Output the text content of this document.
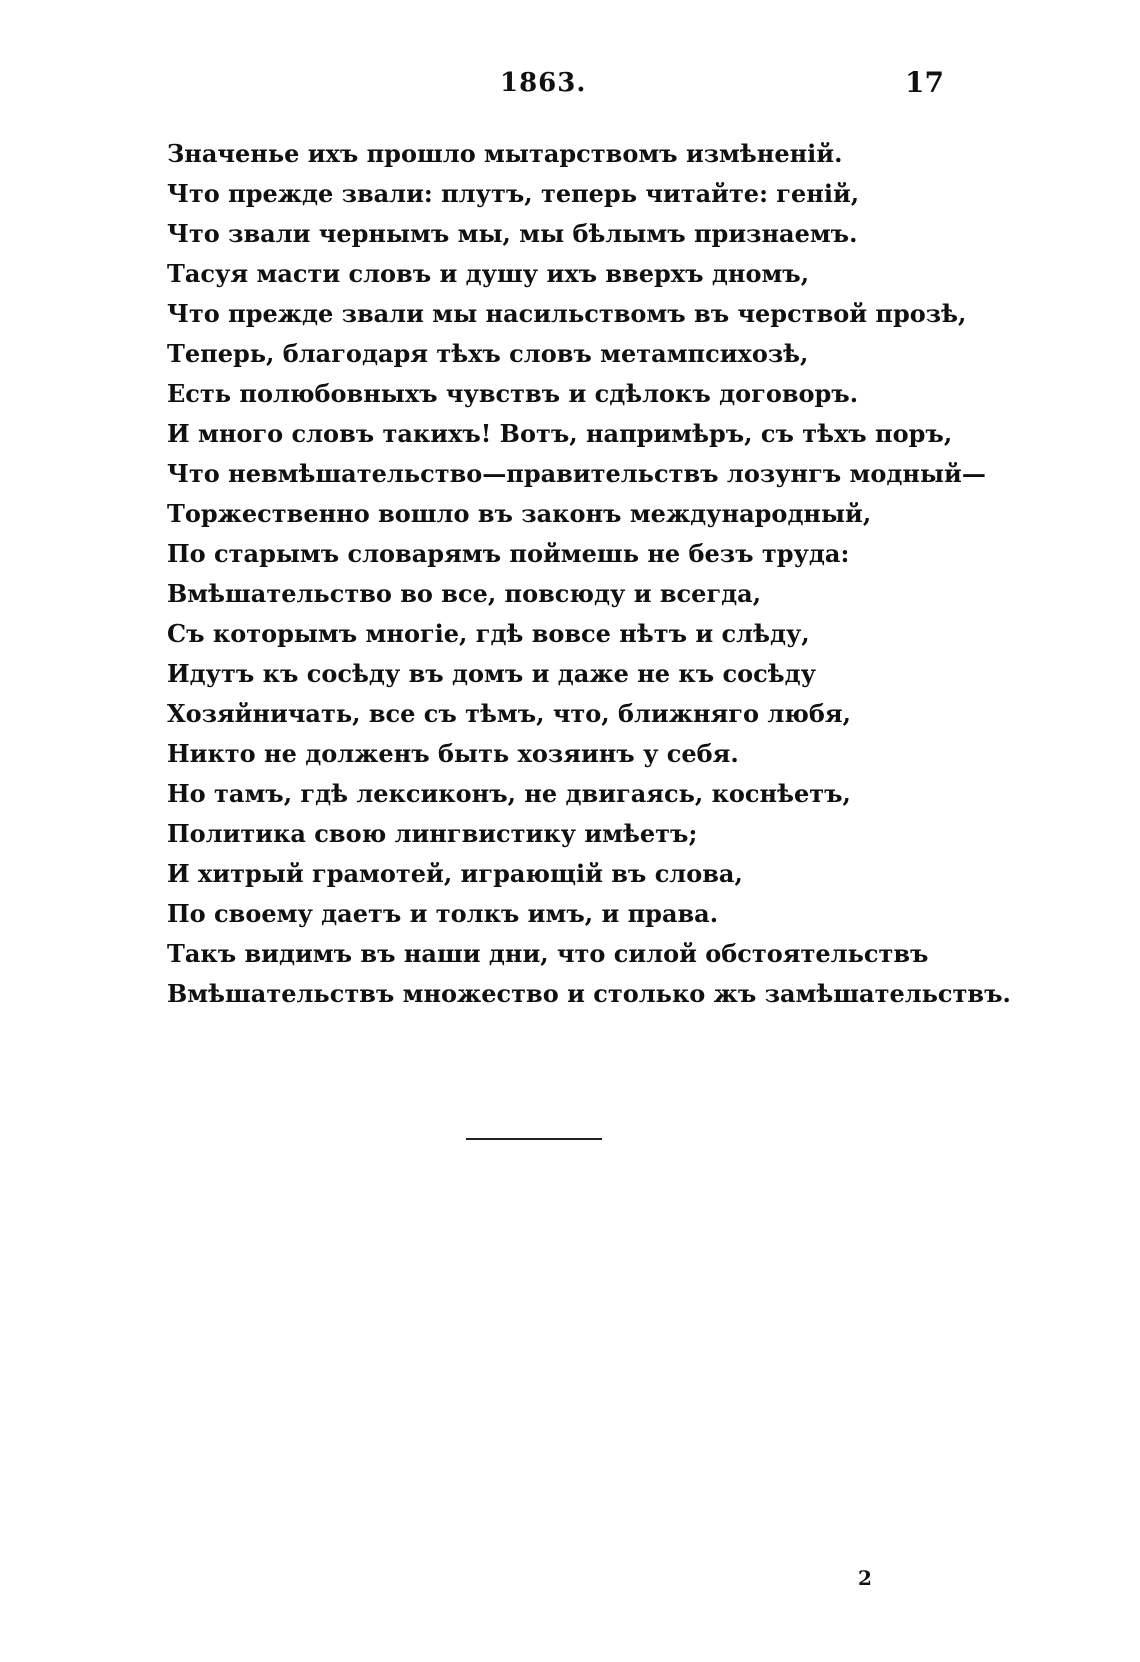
1863.	17
Значенье ихъ прошло мытарствомъ измѣненій.
Что прежде звали: плутъ, теперь читайте: геній,
Что звали чернымъ мы, мы бѣлымъ признаемъ.
Тасуя масти словъ и душу ихъ вверхъ дномъ,
Что прежде звали мы насильствомъ въ черствой прозѣ,
Теперь, благодаря тѣхъ словъ метампсихозѣ,
Есть полюбовныхъ чувствъ и сдѣлокъ договоръ.
И много словъ такихъ! Вотъ, напримѣръ, съ тѣхъ поръ,
Что невмѣшательство—правительствъ лозунгъ модный—
Торжественно вошло въ законъ международный,
По старымъ словарямъ поймешь не безъ труда:
Вмѣшательство во все, повсюду и всегда,
Съ которымъ многіе, гдѣ вовсе нѣтъ и слѣду,
Идутъ къ сосѣду въ домъ и даже не къ сосѣду
Хозяйничать, все съ тѣмъ, что, ближняго любя,
Никто не долженъ быть хозяинъ у себя.
Но тамъ, гдѣ лексиконъ, не двигаясь, коснѣетъ,
Политика свою лингвистику имѣетъ;
И хитрый грамотей, играющій въ слова,
По своему даетъ и толкъ имъ, и права.
Такъ видимъ въ наши дни, что силой обстоятельствъ
Вмѣшательствъ множество и столько жъ замѣшательствъ.
2
